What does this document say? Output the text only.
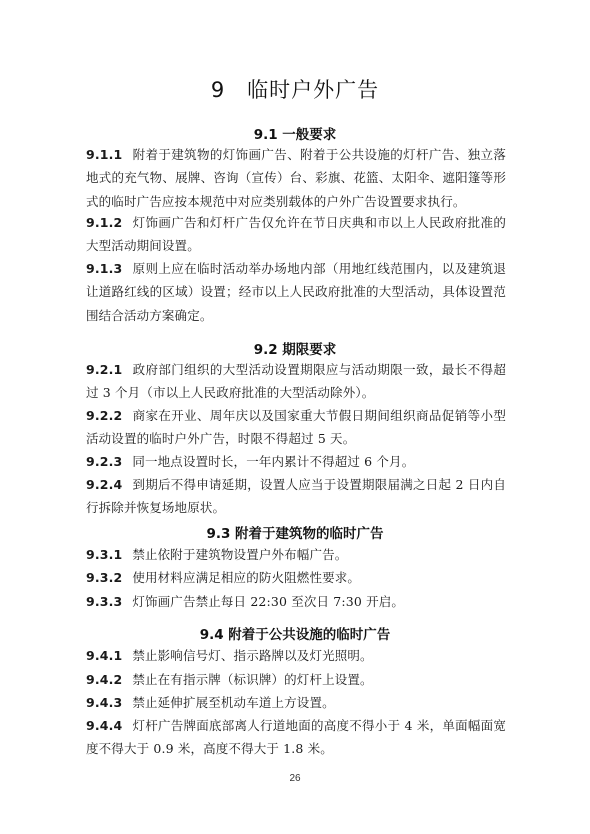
9　临时户外广告
9.1 一般要求
9.1.1 附着于建筑物的灯饰画广告、附着于公共设施的灯杆广告、独立落地式的充气物、展牌、咨询（宣传）台、彩旗、花篮、太阳伞、遮阳篷等形式的临时广告应按本规范中对应类别载体的户外广告设置要求执行。
9.1.2 灯饰画广告和灯杆广告仅允许在节日庆典和市以上人民政府批准的大型活动期间设置。
9.1.3 原则上应在临时活动举办场地内部（用地红线范围内，以及建筑退让道路红线的区域）设置；经市以上人民政府批准的大型活动，具体设置范围结合活动方案确定。
9.2 期限要求
9.2.1 政府部门组织的大型活动设置期限应与活动期限一致，最长不得超过 3 个月（市以上人民政府批准的大型活动除外）。
9.2.2 商家在开业、周年庆以及国家重大节假日期间组织商品促销等小型活动设置的临时户外广告，时限不得超过 5 天。
9.2.3 同一地点设置时长，一年内累计不得超过 6 个月。
9.2.4 到期后不得申请延期，设置人应当于设置期限届满之日起 2 日内自行拆除并恢复场地原状。
9.3 附着于建筑物的临时广告
9.3.1 禁止依附于建筑物设置户外布幅广告。
9.3.2 使用材料应满足相应的防火阻燃性要求。
9.3.3 灯饰画广告禁止每日 22:30 至次日 7:30 开启。
9.4 附着于公共设施的临时广告
9.4.1 禁止影响信号灯、指示路牌以及灯光照明。
9.4.2 禁止在有指示牌（标识牌）的灯杆上设置。
9.4.3 禁止延伸扩展至机动车道上方设置。
9.4.4 灯杆广告牌面底部离人行道地面的高度不得小于 4 米，单面幅面宽度不得大于 0.9 米，高度不得大于 1.8 米。
26
